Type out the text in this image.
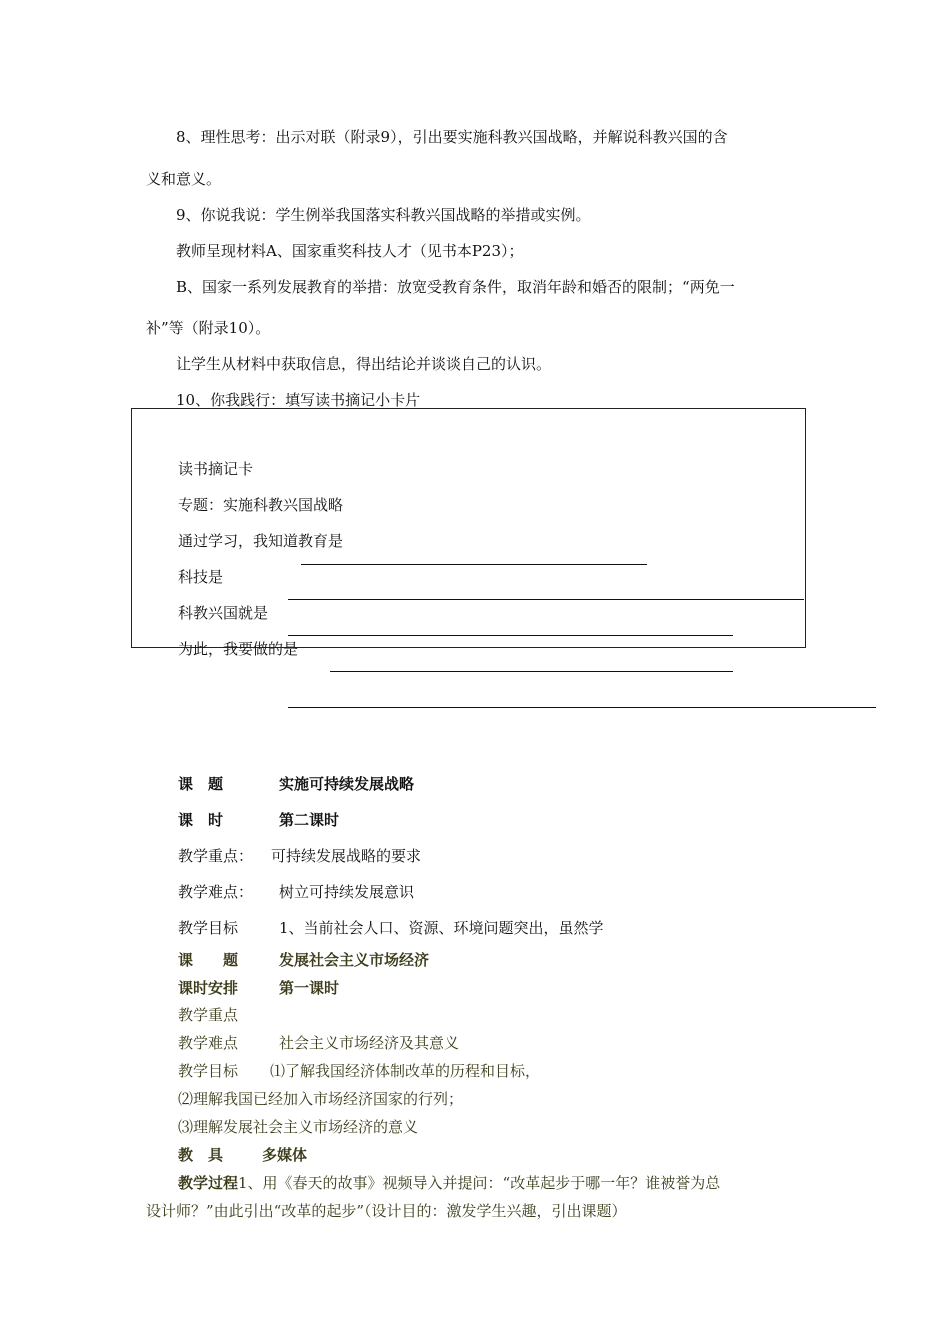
8、理性思考：出示对联（附录9），引出要实施科教兴国战略，并解说科教兴国的含
义和意义。
9、你说我说：学生例举我国落实科教兴国战略的举措或实例。
教师呈现材料A、国家重奖科技人才（见书本P23）；
B、国家一系列发展教育的举措：放宽受教育条件，取消年龄和婚否的限制；“两免一
补”等（附录10）。
让学生从材料中获取信息，得出结论并谈谈自己的认识。
10、你我践行：填写读书摘记小卡片
读书摘记卡
专题：实施科教兴国战略
通过学习，我知道教育是
科技是
科教兴国就是
为此，我要做的是
课　题	实施可持续发展战略
课　时	第二课时
教学重点： 可持续发展战略的要求
教学难点： 树立可持续发展意识
教学目标	1、当前社会人口、资源、环境问题突出，虽然学
课　　题	发展社会主义市场经济
课时安排	第一课时
教学重点
教学难点	社会主义市场经济及其意义
教学目标 ⑴了解我国经济体制改革的历程和目标，
⑵理解我国已经加入市场经济国家的行列；
⑶理解发展社会主义市场经济的意义
教　具	多媒体
教学过程1、用《春天的故事》视频导入并提问：“改革起步于哪一年？谁被誉为总
设计师？”由此引出“改革的起步”（设计目的：激发学生兴趣，引出课题）
